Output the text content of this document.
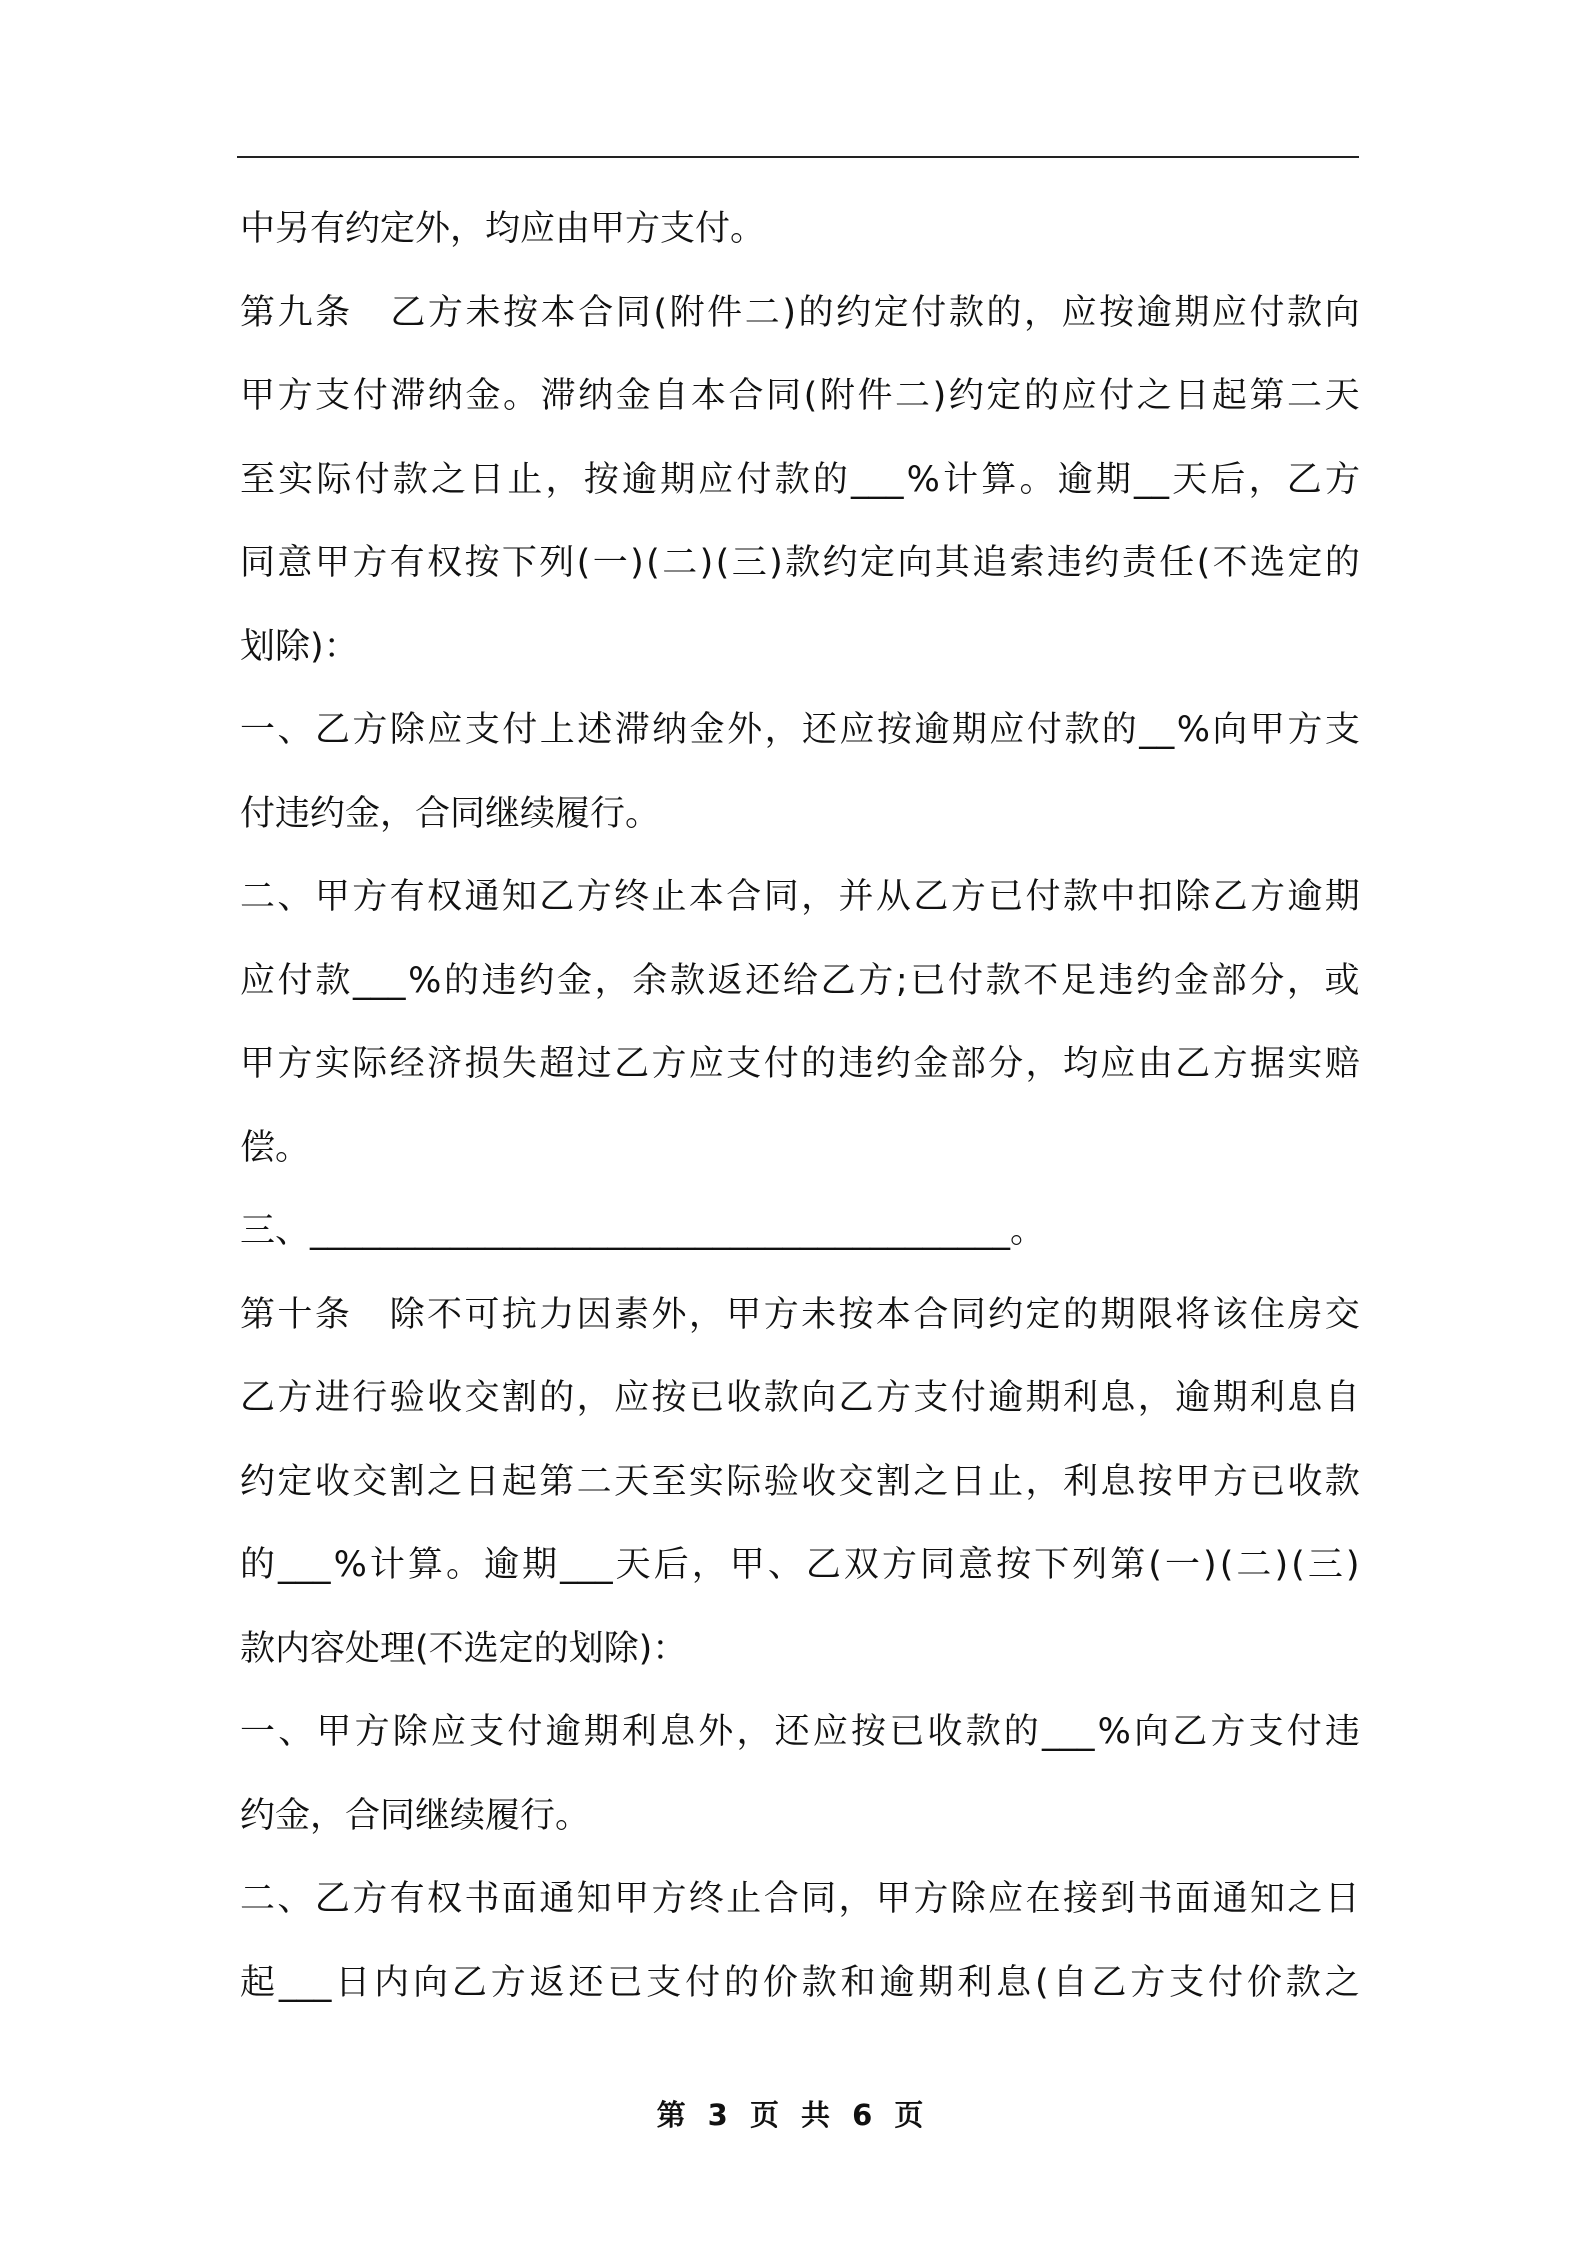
中另有约定外，均应由甲方支付。
第 九 条
　 乙 方 未 按 本 合 同 ( 附 件 二 ) 的 约 定 付 款 的 ， 应 按 逾 期 应 付 款 向
甲 方 支 付 滞 纳 金 。 滞 纳 金 自 本 合 同 ( 附 件 二 ) 约 定 的 应 付 之 日 起 第 二 天
至 实 际 付 款 之 日 止 ， 按 逾 期 应 付 款 的 ___ % 计 算 。 逾 期 __ 天 后 ， 乙 方
同 意 甲 方 有 权 按 下 列 ( 一 ) ( 二 ) ( 三 ) 款 约 定 向 其 追 索 违 约 责 任 ( 不 选 定 的
划除)：
一 、 乙 方 除 应 支 付 上 述 滞 纳 金 外 ， 还 应 按 逾 期 应 付 款 的 __ % 向 甲 方 支
付违约金，合同继续履行。
二 、 甲 方 有 权 通 知 乙 方 终 止 本 合 同 ， 并 从 乙 方 已 付 款 中 扣 除 乙 方 逾 期
应 付 款 ___ % 的 违 约 金 ， 余 款 返 还 给 乙 方 ; 已 付 款 不 足 违 约 金 部 分 ， 或
甲 方 实 际 经 济 损 失 超 过 乙 方 应 支 付 的 违 约 金 部 分 ， 均 应 由 乙 方 据 实 赔
偿。
三、________________________________________。
第 十 条
　 除 不 可 抗 力 因 素 外 ， 甲 方 未 按 本 合 同 约 定 的 期 限 将 该 住 房 交
乙 方 进 行 验 收 交 割 的 ， 应 按 已 收 款 向 乙 方 支 付 逾 期 利 息 ， 逾 期 利 息 自
约 定 收 交 割 之 日 起 第 二 天 至 实 际 验 收 交 割 之 日 止 ， 利 息 按 甲 方 已 收 款
的 ___ % 计 算 。 逾 期 ___ 天 后 ， 甲 、 乙 双 方 同 意 按 下 列 第 ( 一 ) ( 二 ) ( 三 )
款内容处理(不选定的划除)：
一 、 甲 方 除 应 支 付 逾 期 利 息 外 ， 还 应 按 已 收 款 的 ___ % 向 乙 方 支 付 违
约金，合同继续履行。
二 、 乙 方 有 权 书 面 通 知 甲 方 终 止 合 同 ， 甲 方 除 应 在 接 到 书 面 通 知 之 日
起 ___ 日 内 向 乙 方 返 还 已 支 付 的 价 款 和 逾 期 利 息 ( 自 乙 方 支 付 价 款 之
第 3 页 共 6 页
